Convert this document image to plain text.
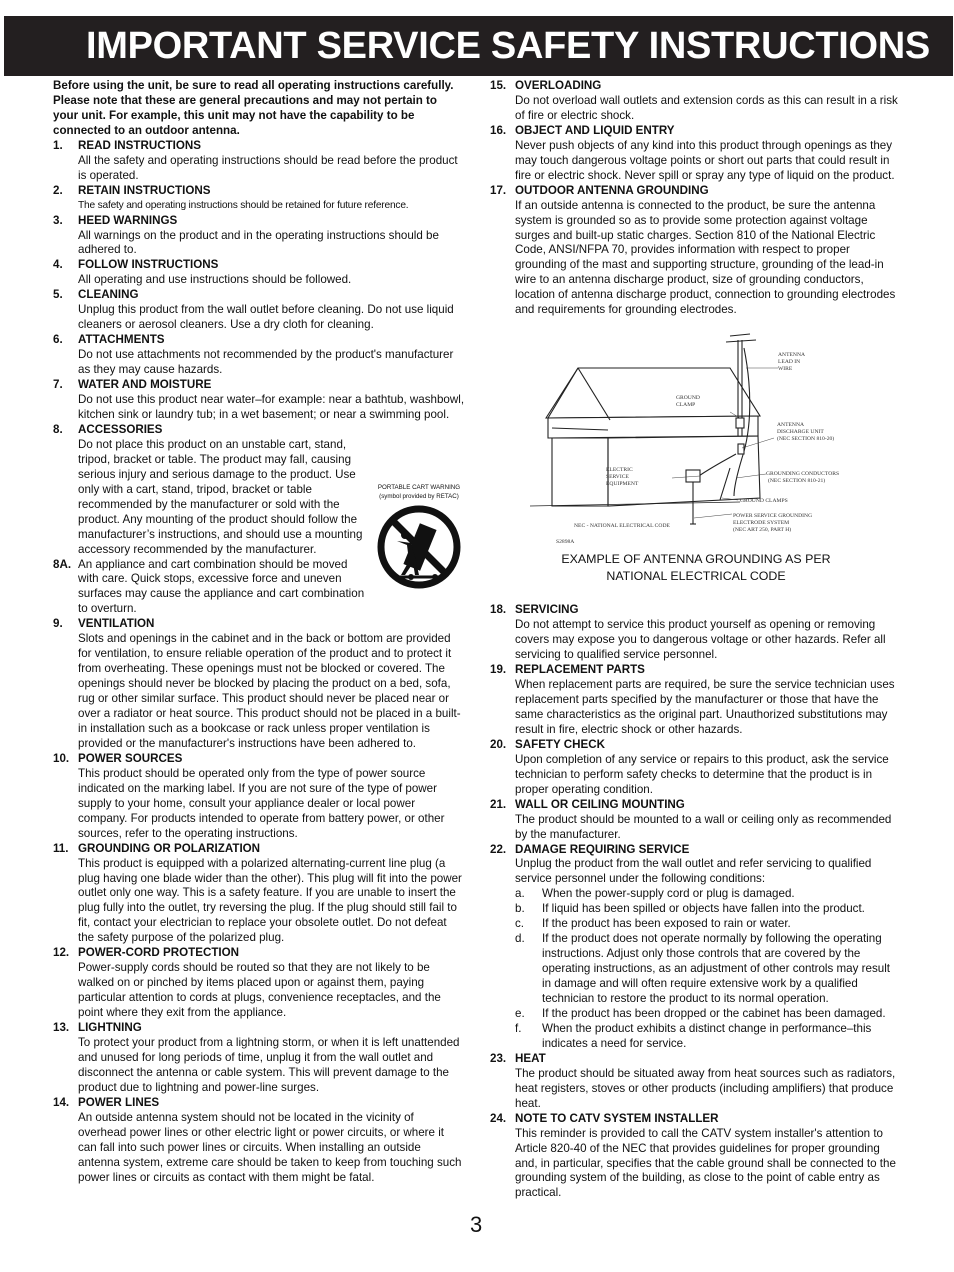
IMPORTANT SERVICE SAFETY INSTRUCTIONS
Before using the unit, be sure to read all operating instructions carefully. Please note that these are general precautions and may not pertain to your unit. For example, this unit may not have the capability to be connected to an outdoor antenna.
1. READ INSTRUCTIONS
All the safety and operating instructions should be read before the product is operated.
2. RETAIN INSTRUCTIONS
The safety and operating instructions should be retained for future reference.
3. HEED WARNINGS
All warnings on the product and in the operating instructions should be adhered to.
4. FOLLOW INSTRUCTIONS
All operating and use instructions should be followed.
5. CLEANING
Unplug this product from the wall outlet before cleaning. Do not use liquid cleaners or aerosol cleaners. Use a dry cloth for cleaning.
6. ATTACHMENTS
Do not use attachments not recommended by the product's manufacturer as they may cause hazards.
7. WATER AND MOISTURE
Do not use this product near water–for example: near a bathtub, washbowl, kitchen sink or laundry tub; in a wet basement; or near a swimming pool.
8. ACCESSORIES
PORTABLE CART WARNING
(symbol provided by RETAC)
Do not place this product on an unstable cart, stand, tripod, bracket or table. The product may fall, causing serious injury and serious damage to the product. Use only with a cart, stand, tripod, bracket or table recommended by the manufacturer or sold with the product. Any mounting of the product should follow the manufacturer’s instructions, and should use a mounting accessory recommended by the manufacturer.
8A. An appliance and cart combination should be moved with care. Quick stops, excessive force and uneven surfaces may cause the appliance and cart combination to overturn.
9. VENTILATION
Slots and openings in the cabinet and in the back or bottom are provided for ventilation, to ensure reliable operation of the product and to protect it from overheating. These openings must not be blocked or covered. The openings should never be blocked by placing the product on a bed, sofa, rug or other similar surface. This product should never be placed near or over a radiator or heat source. This product should not be placed in a built-in installation such as a bookcase or rack unless proper ventilation is provided or the manufacturer's instructions have been adhered to.
10. POWER SOURCES
This product should be operated only from the type of power source indicated on the marking label. If you are not sure of the type of power supply to your home, consult your appliance dealer or local power company. For products intended to operate from battery power, or other sources, refer to the operating instructions.
11. GROUNDING OR POLARIZATION
This product is equipped with a polarized alternating-current line plug (a plug having one blade wider than the other). This plug will fit into the power outlet only one way. This is a safety feature. If you are unable to insert the plug fully into the outlet, try reversing the plug. If the plug should still fail to fit, contact your electrician to replace your obsolete outlet. Do not defeat the safety purpose of the polarized plug.
12. POWER-CORD PROTECTION
Power-supply cords should be routed so that they are not likely to be walked on or pinched by items placed upon or against them, paying particular attention to cords at plugs, convenience receptacles, and the point where they exit from the appliance.
13. LIGHTNING
To protect your product from a lightning storm, or when it is left unattended and unused for long periods of time, unplug it from the wall outlet and disconnect the antenna or cable system. This will prevent damage to the product due to lightning and power-line surges.
14. POWER LINES
An outside antenna system should not be located in the vicinity of overhead power lines or other electric light or power circuits, or where it can fall into such power lines or circuits. When installing an outside antenna system, extreme care should be taken to keep from touching such power lines or circuits as contact with them might be fatal.
15. OVERLOADING
Do not overload wall outlets and extension cords as this can result in a risk of fire or electric shock.
16. OBJECT AND LIQUID ENTRY
Never push objects of any kind into this product through openings as they may touch dangerous voltage points or short out parts that could result in fire or electric shock. Never spill or spray any type of liquid on the product.
17. OUTDOOR ANTENNA GROUNDING
If an outside antenna is connected to the product, be sure the antenna system is grounded so as to provide some protection against voltage surges and built-up static charges. Section 810 of the National Electric Code, ANSI/NFPA 70, provides information with respect to proper grounding of the mast and supporting structure, grounding of the lead-in wire to an antenna discharge product, size of grounding conductors, location of antenna discharge product, connection to grounding electrodes and requirements for grounding electrodes.
ANTENNA
LEAD IN
WIRE
GROUND
CLAMP
ANTENNA
DISCHARGE UNIT
(NEC SECTION 810-20)
ELECTRIC
SERVICE
EQUIPMENT
GROUNDING CONDUCTORS
(NEC SECTION 810-21)
GROUND CLAMPS
POWER SERVICE GROUNDING
ELECTRODE SYSTEM
(NEC ART 250, PART H)
NEC - NATIONAL ELECTRICAL CODE
S2898A
EXAMPLE OF ANTENNA GROUNDING AS PER
NATIONAL ELECTRICAL CODE
18. SERVICING
Do not attempt to service this product yourself as opening or removing covers may expose you to dangerous voltage or other hazards. Refer all servicing to qualified service personnel.
19. REPLACEMENT PARTS
When replacement parts are required, be sure the service technician uses replacement parts specified by the manufacturer or those that have the same characteristics as the original part. Unauthorized substitutions may result in fire, electric shock or other hazards.
20. SAFETY CHECK
Upon completion of any service or repairs to this product, ask the service technician to perform safety checks to determine that the product is in proper operating condition.
21. WALL OR CEILING MOUNTING
The product should be mounted to a wall or ceiling only as recommended by the manufacturer.
22. DAMAGE REQUIRING SERVICE
Unplug the product from the wall outlet and refer servicing to qualified service personnel under the following conditions:
a. When the power-supply cord or plug is damaged.
b. If liquid has been spilled or objects have fallen into the product.
c. If the product has been exposed to rain or water.
d. If the product does not operate normally by following the operating instructions. Adjust only those controls that are covered by the operating instructions, as an adjustment of other controls may result in damage and will often require extensive work by a qualified technician to restore the product to its normal operation.
e. If the product has been dropped or the cabinet has been damaged.
f. When the product exhibits a distinct change in performance–this indicates a need for service.
23. HEAT
The product should be situated away from heat sources such as radiators, heat registers, stoves or other products (including amplifiers) that produce heat.
24. NOTE TO CATV SYSTEM INSTALLER
This reminder is provided to call the CATV system installer's attention to Article 820-40 of the NEC that provides guidelines for proper grounding and, in particular, specifies that the cable ground shall be connected to the grounding system of the building, as close to the point of cable entry as practical.
3
